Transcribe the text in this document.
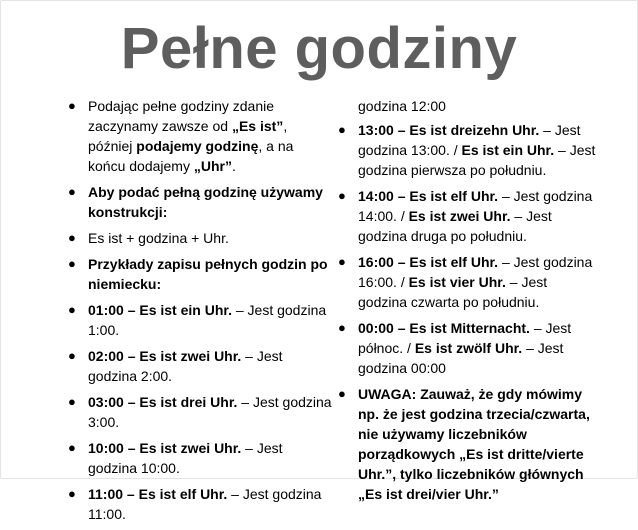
Pełne godziny
● Podając pełne godziny zdanie zaczynamy zawsze od „Es ist”, później podajemy godzinę, a na końcu dodajemy „Uhr”.
● Aby podać pełną godzinę używamy konstrukcji:
● Es ist + godzina + Uhr.
● Przykłady zapisu pełnych godzin po niemiecku:
● 01:00 – Es ist ein Uhr. – Jest godzina 1:00.
● 02:00 – Es ist zwei Uhr. – Jest godzina 2:00.
● 03:00 – Es ist drei Uhr. – Jest godzina 3:00.
● 10:00 – Es ist zwei Uhr. – Jest godzina 10:00.
● 11:00 – Es ist elf Uhr. – Jest godzina 11:00.
godzina 12:00
● 13:00 – Es ist dreizehn Uhr. – Jest godzina 13:00. / Es ist ein Uhr. – Jest godzina pierwsza po południu.
● 14:00 – Es ist elf Uhr. – Jest godzina 14:00. / Es ist zwei Uhr. – Jest godzina druga po południu.
● 16:00 – Es ist elf Uhr. – Jest godzina 16:00. / Es ist vier Uhr. – Jest godzina czwarta po południu.
● 00:00 – Es ist Mitternacht. – Jest północ. / Es ist zwölf Uhr. – Jest godzina 00:00
● UWAGA: Zauważ, że gdy mówimy np. że jest godzina trzecia/czwarta, nie używamy liczebników porządkowych „Es ist dritte/vierte Uhr.”, tylko liczebników głównych „Es ist drei/vier Uhr.”
